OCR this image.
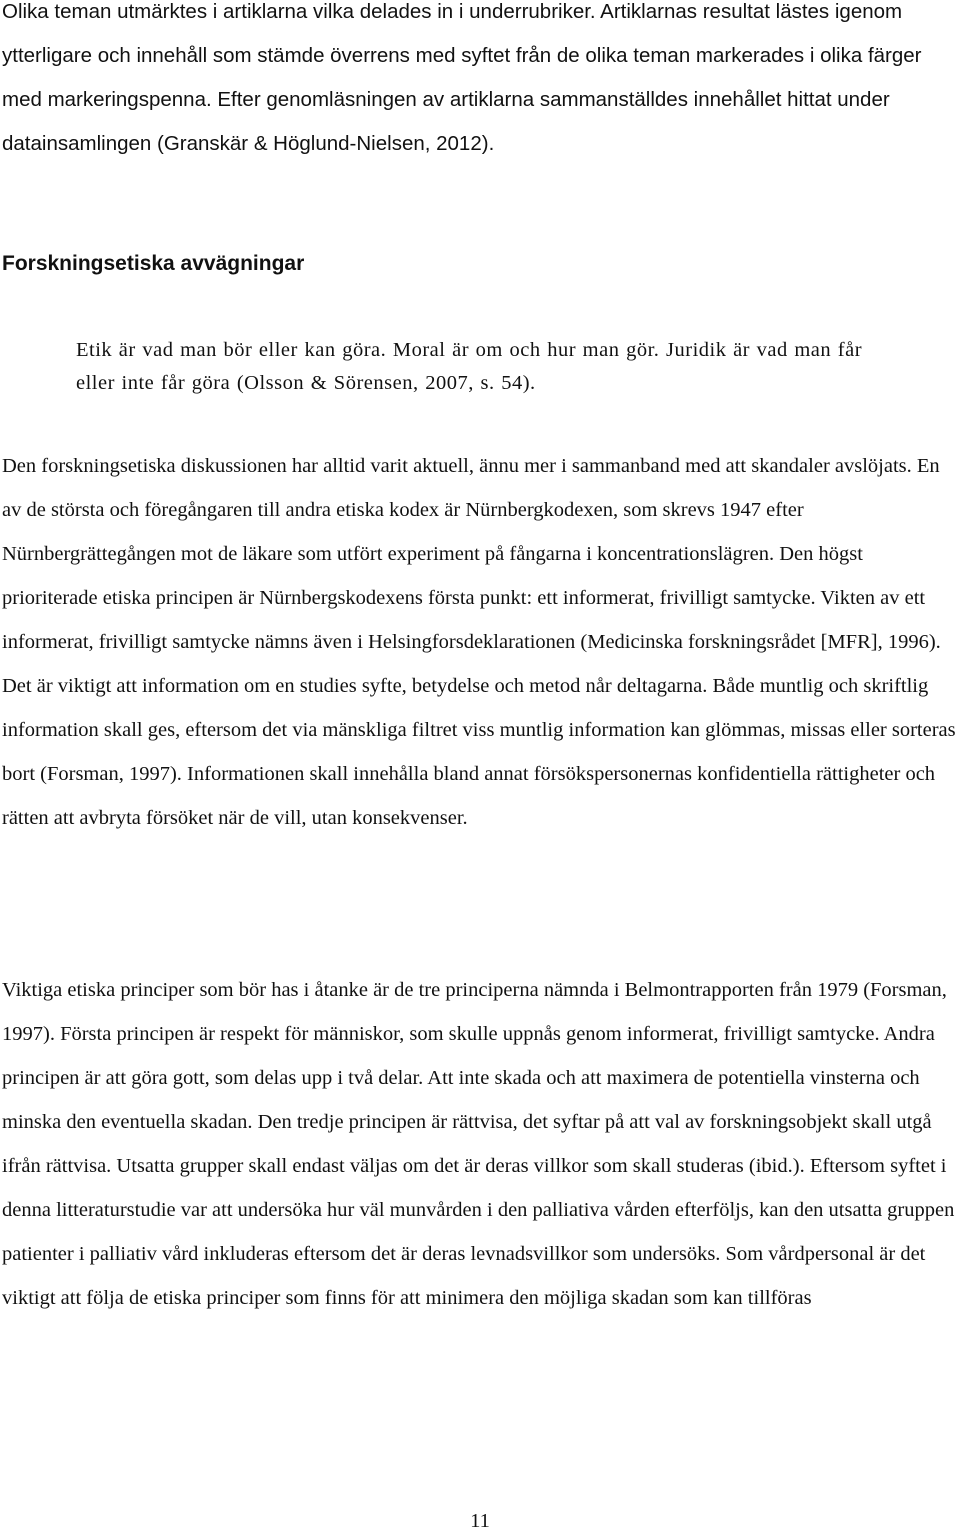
Olika teman utmärktes i artiklarna vilka delades in i underrubriker. Artiklarnas resultat lästes igenom ytterligare och innehåll som stämde överrens med syftet från de olika teman markerades i olika färger med markeringspenna. Efter genomläsningen av artiklarna sammanställdes innehållet hittat under datainsamlingen (Granskär & Höglund-Nielsen, 2012).

Forskningsetiska avvägningar

Etik är vad man bör eller kan göra. Moral är om och hur man gör. Juridik är vad man får eller inte får göra (Olsson & Sörensen, 2007, s. 54).

Den forskningsetiska diskussionen har alltid varit aktuell, ännu mer i sammanband med att skandaler avslöjats. En av de största och föregångaren till andra etiska kodex är Nürnbergkodexen, som skrevs 1947 efter Nürnbergrättegången mot de läkare som utfört experiment på fångarna i koncentrationslägren. Den högst prioriterade etiska principen är Nürnbergskodexens första punkt: ett informerat, frivilligt samtycke. Vikten av ett informerat, frivilligt samtycke nämns även i Helsingforsdeklarationen (Medicinska forskningsrådet [MFR], 1996). Det är viktigt att information om en studies syfte, betydelse och metod når deltagarna. Både muntlig och skriftlig information skall ges, eftersom det via mänskliga filtret viss muntlig information kan glömmas, missas eller sorteras bort (Forsman, 1997). Informationen skall innehålla bland annat försökspersonernas konfidentiella rättigheter och rätten att avbryta försöket när de vill, utan konsekvenser.

Viktiga etiska principer som bör has i åtanke är de tre principerna nämnda i Belmontrapporten från 1979 (Forsman, 1997). Första principen är respekt för människor, som skulle uppnås genom informerat, frivilligt samtycke. Andra principen är att göra gott, som delas upp i två delar. Att inte skada och att maximera de potentiella vinsterna och minska den eventuella skadan. Den tredje principen är rättvisa, det syftar på att val av forskningsobjekt skall utgå ifrån rättvisa. Utsatta grupper skall endast väljas om det är deras villkor som skall studeras (ibid.). Eftersom syftet i denna litteraturstudie var att undersöka hur väl munvården i den palliativa vården efterföljs, kan den utsatta gruppen patienter i palliativ vård inkluderas eftersom det är deras levnadsvillkor som undersöks. Som vårdpersonal är det viktigt att följa de etiska principer som finns för att minimera den möjliga skadan som kan tillföras

11
